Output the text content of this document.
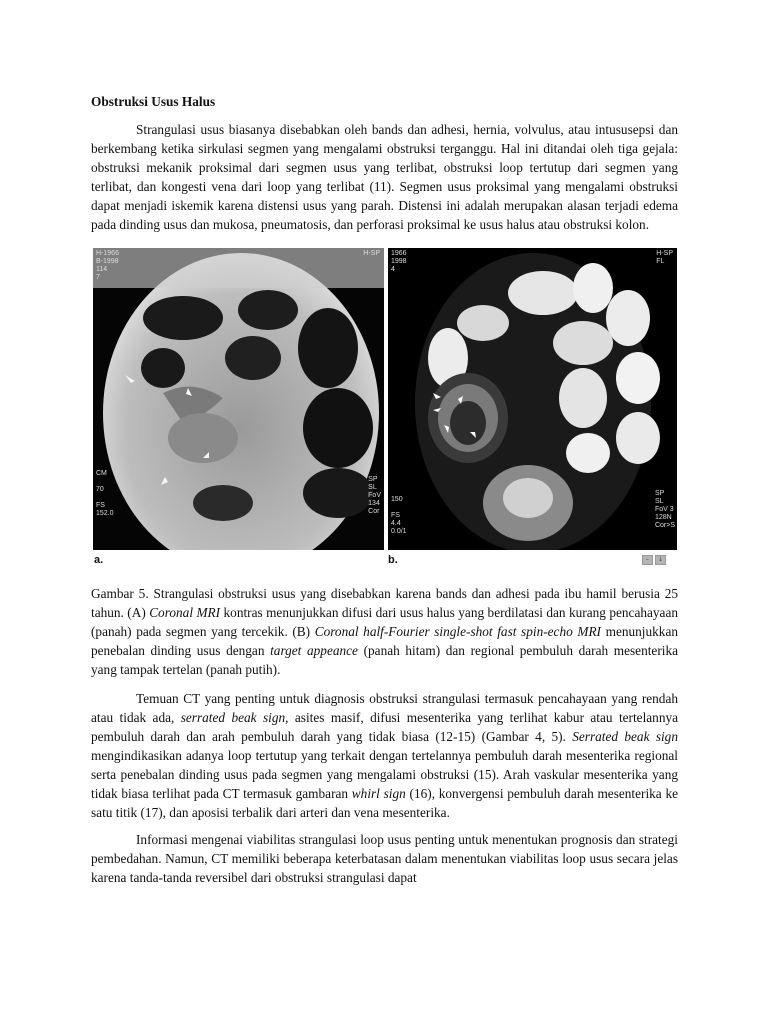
Obstruksi Usus Halus

Strangulasi usus biasanya disebabkan oleh bands dan adhesi, hernia, volvulus, atau intususepsi dan berkembang ketika sirkulasi segmen yang mengalami obstruksi terganggu. Hal ini ditandai oleh tiga gejala: obstruksi mekanik proksimal dari segmen usus yang terlibat, obstruksi loop tertutup dari segmen yang terlibat, dan kongesti vena dari loop yang terlibat (11). Segmen usus proksimal yang mengalami obstruksi dapat menjadi iskemik karena distensi usus yang parah. Distensi ini adalah merupakan alasan terjadi edema pada dinding usus dan mukosa, pneumatosis, dan perforasi proksimal ke usus halus atau obstruksi kolon.

H-1966
B-1998
114
7
H-SP
CM

70

FS
152.0
SP
SL
FoV
134
Cor
1966
1998
4
H-SP
FL
150

FS
4.4
0.0/1
SP
SL
FoV 3
128N
Cor>S
a.	b.	–	↓

Gambar 5. Strangulasi obstruksi usus yang disebabkan karena bands dan adhesi pada ibu hamil berusia 25 tahun. (A) Coronal MRI kontras menunjukkan difusi dari usus halus yang berdilatasi dan kurang pencahayaan (panah) pada segmen yang tercekik. (B) Coronal half-Fourier single-shot fast spin-echo MRI menunjukkan penebalan dinding usus dengan target appeance (panah hitam) dan regional pembuluh darah mesenterika yang tampak tertelan (panah putih).

Temuan CT yang penting untuk diagnosis obstruksi strangulasi termasuk pencahayaan yang rendah atau tidak ada, serrated beak sign, asites masif, difusi mesenterika yang terlihat kabur atau tertelannya pembuluh darah dan arah pembuluh darah yang tidak biasa (12-15) (Gambar 4, 5). Serrated beak sign mengindikasikan adanya loop tertutup yang terkait dengan tertelannya pembuluh darah mesenterika regional serta penebalan dinding usus pada segmen yang mengalami obstruksi (15). Arah vaskular mesenterika yang tidak biasa terlihat pada CT termasuk gambaran whirl sign (16), konvergensi pembuluh darah mesenterika ke satu titik (17), dan aposisi terbalik dari arteri dan vena mesenterika.

Informasi mengenai viabilitas strangulasi loop usus penting untuk menentukan prognosis dan strategi pembedahan. Namun, CT memiliki beberapa keterbatasan dalam menentukan viabilitas loop usus secara jelas karena tanda-tanda reversibel dari obstruksi strangulasi dapat
